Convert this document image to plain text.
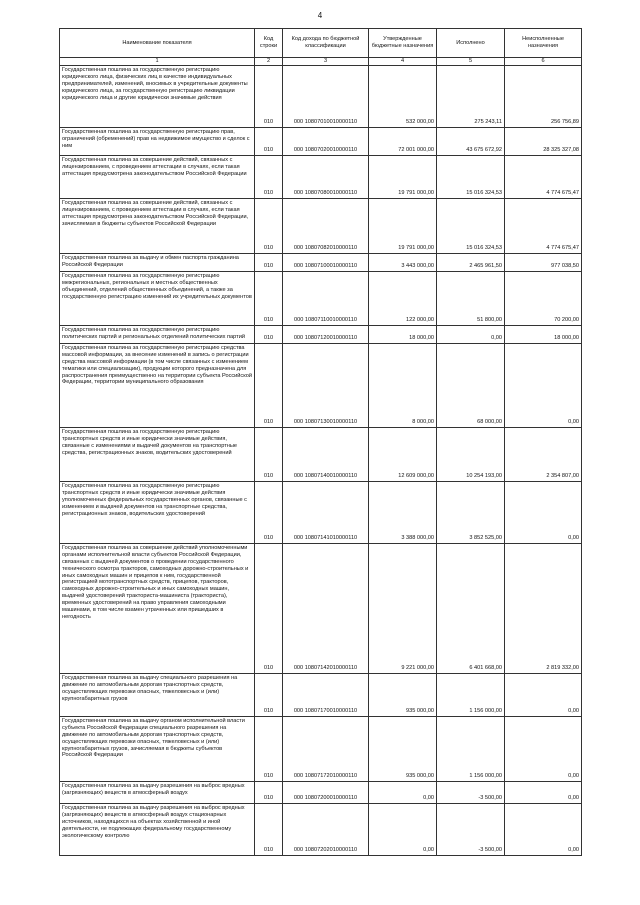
4
Наименование показателя	Код строки	Код дохода по бюджетной классификации	Утвержденные бюджетные назначения	Исполнено	Неисполненные назначения
1	2	3	4	5	6
Государственная пошлина за государственную регистрацию юридического лица, физических лиц в качестве индивидуальных предпринимателей, изменений, вносимых в учредительные документы юридического лица, за государственную регистрацию ликвидации юридического лица и другие юридически значимые действия	010	000 10807010010000110	532 000,00	275 243,11	256 756,89
Государственная пошлина за государственную регистрацию прав, ограничений (обременений) прав на недвижимое имущество и сделок с ним	010	000 10807020010000110	72 001 000,00	43 675 672,92	28 325 327,08
Государственная пошлина за совершение действий, связанных с лицензированием, с проведением аттестации в случаях, если такая аттестация предусмотрена законодательством Российской Федерации	010	000 10807080010000110	19 791 000,00	15 016 324,53	4 774 675,47
Государственная пошлина за совершение действий, связанных с лицензированием, с проведением аттестации в случаях, если такая аттестация предусмотрена законодательством Российской Федерации, зачисляемая в бюджеты субъектов Российской Федерации	010	000 10807082010000110	19 791 000,00	15 016 324,53	4 774 675,47
Государственная пошлина за выдачу и обмен паспорта гражданина Российской Федерации	010	000 10807100010000110	3 443 000,00	2 465 961,50	977 038,50
Государственная пошлина за государственную регистрацию межрегиональных, региональных и местных общественных объединений, отделений общественных объединений, а также за государственную регистрацию изменений их учредительных документов	010	000 10807110010000110	122 000,00	51 800,00	70 200,00
Государственная пошлина за государственную регистрацию политических партий и региональных отделений политических партий	010	000 10807120010000110	18 000,00	0,00	18 000,00
Государственная пошлина за государственную регистрацию средства массовой информации, за внесение изменений в запись о регистрации средства массовой информации (в том числе связанных с изменением тематики или специализации), продукции которого предназначена для распространения преимущественно на территории субъекта Российской Федерации, территории муниципального образования	010	000 10807130010000110	8 000,00	68 000,00	0,00
Государственная пошлина за государственную регистрацию транспортных средств и иные юридически значимые действия, связанные с изменениями и выдачей документов на транспортные средства, регистрационных знаков, водительских удостоверений	010	000 10807140010000110	12 609 000,00	10 254 193,00	2 354 807,00
Государственная пошлина за государственную регистрацию транспортных средств и иные юридически значимые действия уполномоченных федеральных государственных органов, связанные с изменением и выдачей документов на транспортные средства, регистрационных знаков, водительских удостоверений	010	000 10807141010000110	3 388 000,00	3 852 525,00	0,00
Государственная пошлина за совершение действий уполномоченными органами исполнительной власти субъектов Российской Федерации, связанных с выдачей документов о проведении государственного технического осмотра тракторов, самоходных дорожно-строительных и иных самоходных машин и прицепов к ним, государственной регистрацией мототранспортных средств, прицепов, тракторов, самоходных дорожно-строительных и иных самоходных машин, выдачей удостоверений тракториста-машиниста (тракториста), временных удостоверений на право управления самоходными машинами, в том числе взамен утраченных или пришедших в негодность	010	000 10807142010000110	9 221 000,00	6 401 668,00	2 819 332,00
Государственная пошлина за выдачу специального разрешения на движение по автомобильным дорогам транспортных средств, осуществляющих перевозки опасных, тяжеловесных и (или) крупногабаритных грузов	010	000 10807170010000110	935 000,00	1 156 000,00	0,00
Государственная пошлина за выдачу органом исполнительной власти субъекта Российской Федерации специального разрешения на движение по автомобильным дорогам транспортных средств, осуществляющих перевозки опасных, тяжеловесных и (или) крупногабаритных грузов, зачисляемая в бюджеты субъектов Российской Федерации	010	000 10807172010000110	935 000,00	1 156 000,00	0,00
Государственная пошлина за выдачу разрешения на выброс вредных (загрязняющих) веществ в атмосферный воздух	010	000 10807200010000110	0,00	-3 500,00	0,00
Государственная пошлина за выдачу разрешения на выброс вредных (загрязняющих) веществ в атмосферный воздух стационарных источников, находящихся на объектах хозяйственной и иной деятельности, не подлежащих федеральному государственному экологическому контролю	010	000 10807202010000110	0,00	-3 500,00	0,00
